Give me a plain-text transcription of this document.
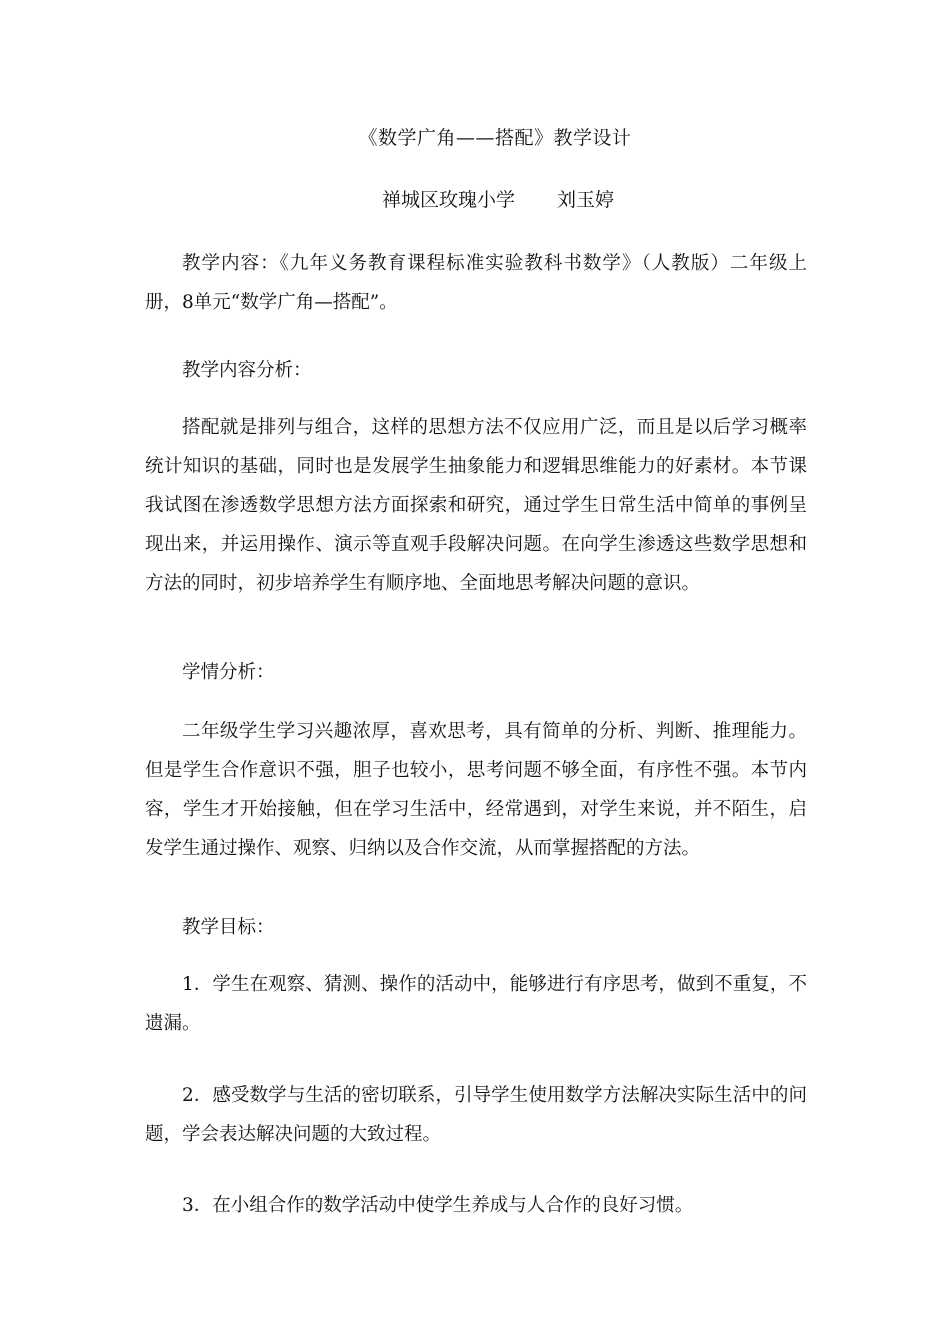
《数学广角——搭配》教学设计
禅城区玫瑰小学 刘玉婷
教学内容：《九年义务教育课程标准实验教科书数学》（人教版）二年级上册，8单元“数学广角—搭配”。
教学内容分析：
搭配就是排列与组合，这样的思想方法不仅应用广泛，而且是以后学习概率统计知识的基础，同时也是发展学生抽象能力和逻辑思维能力的好素材。本节课我试图在渗透数学思想方法方面探索和研究，通过学生日常生活中简单的事例呈现出来，并运用操作、演示等直观手段解决问题。在向学生渗透这些数学思想和方法的同时，初步培养学生有顺序地、全面地思考解决问题的意识。
学情分析：
二年级学生学习兴趣浓厚，喜欢思考，具有简单的分析、判断、推理能力。但是学生合作意识不强，胆子也较小，思考问题不够全面，有序性不强。本节内容，学生才开始接触，但在学习生活中，经常遇到，对学生来说，并不陌生，启发学生通过操作、观察、归纳以及合作交流，从而掌握搭配的方法。
教学目标：
1．学生在观察、猜测、操作的活动中，能够进行有序思考，做到不重复，不遗漏。
2．感受数学与生活的密切联系，引导学生使用数学方法解决实际生活中的问题，学会表达解决问题的大致过程。
3．在小组合作的数学活动中使学生养成与人合作的良好习惯。
